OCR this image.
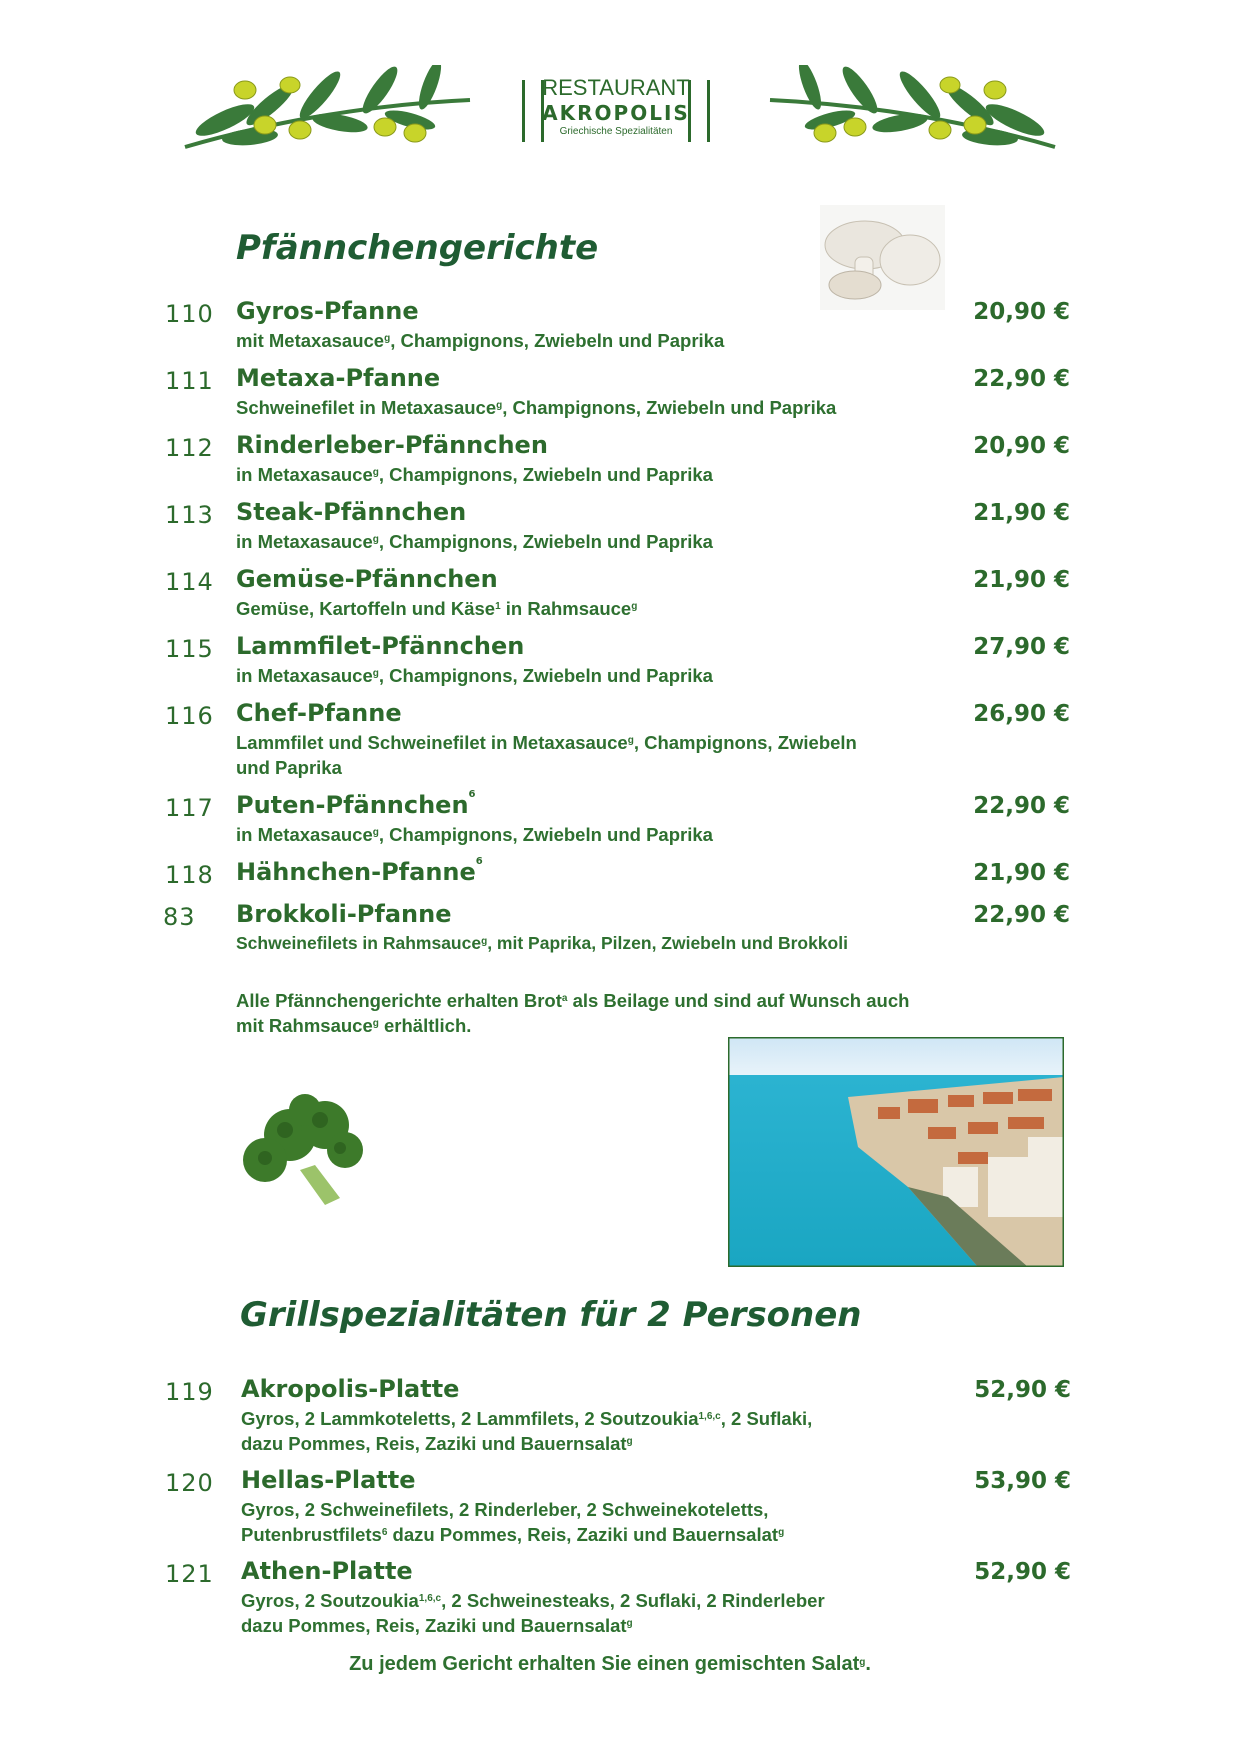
RESTAURANT
AKROPOLIS
Griechische Spezialitäten
Pfännchengerichte
110 Gyros-Pfanne
mit Metaxasauce$^g$, Champignons, Zwiebeln und Paprika
20,90 €
111 Metaxa-Pfanne
Schweinefilet in Metaxasauce$^g$, Champignons, Zwiebeln und Paprika
22,90 €
112 Rinderleber-Pfännchen
in Metaxasauce$^g$, Champignons, Zwiebeln und Paprika
20,90 €
113 Steak-Pfännchen
in Metaxasauce$^g$, Champignons, Zwiebeln und Paprika
21,90 €
114 Gemüse-Pfännchen
Gemüse, Kartoffeln und Käse$^1$ in Rahmsauce$^g$
21,90 €
115 Lammfilet-Pfännchen
in Metaxasauce$^g$, Champignons, Zwiebeln und Paprika
27,90 €
116 Chef-Pfanne
Lammfilet und Schweinefilet in Metaxasauce$^g$, Champignons, Zwiebeln
und Paprika
26,90 €
117 Puten-Pfännchen$^6$
in Metaxasauce$^g$, Champignons, Zwiebeln und Paprika
22,90 €
118 Hähnchen-Pfanne$^6$	21,90 €
83 Brokkoli-Pfanne
Schweinefilets in Rahmsauce$^g$, mit Paprika, Pilzen, Zwiebeln und Brokkoli
22,90 €
Alle Pfännchengerichte erhalten Brot$^a$ als Beilage und sind auf Wunsch auch
mit Rahmsauce$^g$ erhältlich.
Grillspezialitäten für 2 Personen
119 Akropolis-Platte
Gyros, 2 Lammkoteletts, 2 Lammfilets, 2 Soutzoukia$^{1,6,c}$, 2 Suflaki,
dazu Pommes, Reis, Zaziki und Bauernsalat$^g$
52,90 €
120 Hellas-Platte
Gyros, 2 Schweinefilets, 2 Rinderleber, 2 Schweinekoteletts,
Putenbrustfilets$^6$ dazu Pommes, Reis, Zaziki und Bauernsalat$^g$
53,90 €
121 Athen-Platte
Gyros, 2 Soutzoukia$^{1,6,c}$, 2 Schweinesteaks, 2 Suflaki, 2 Rinderleber
dazu Pommes, Reis, Zaziki und Bauernsalat$^g$
52,90 €
Zu jedem Gericht erhalten Sie einen gemischten Salat$^g$.
